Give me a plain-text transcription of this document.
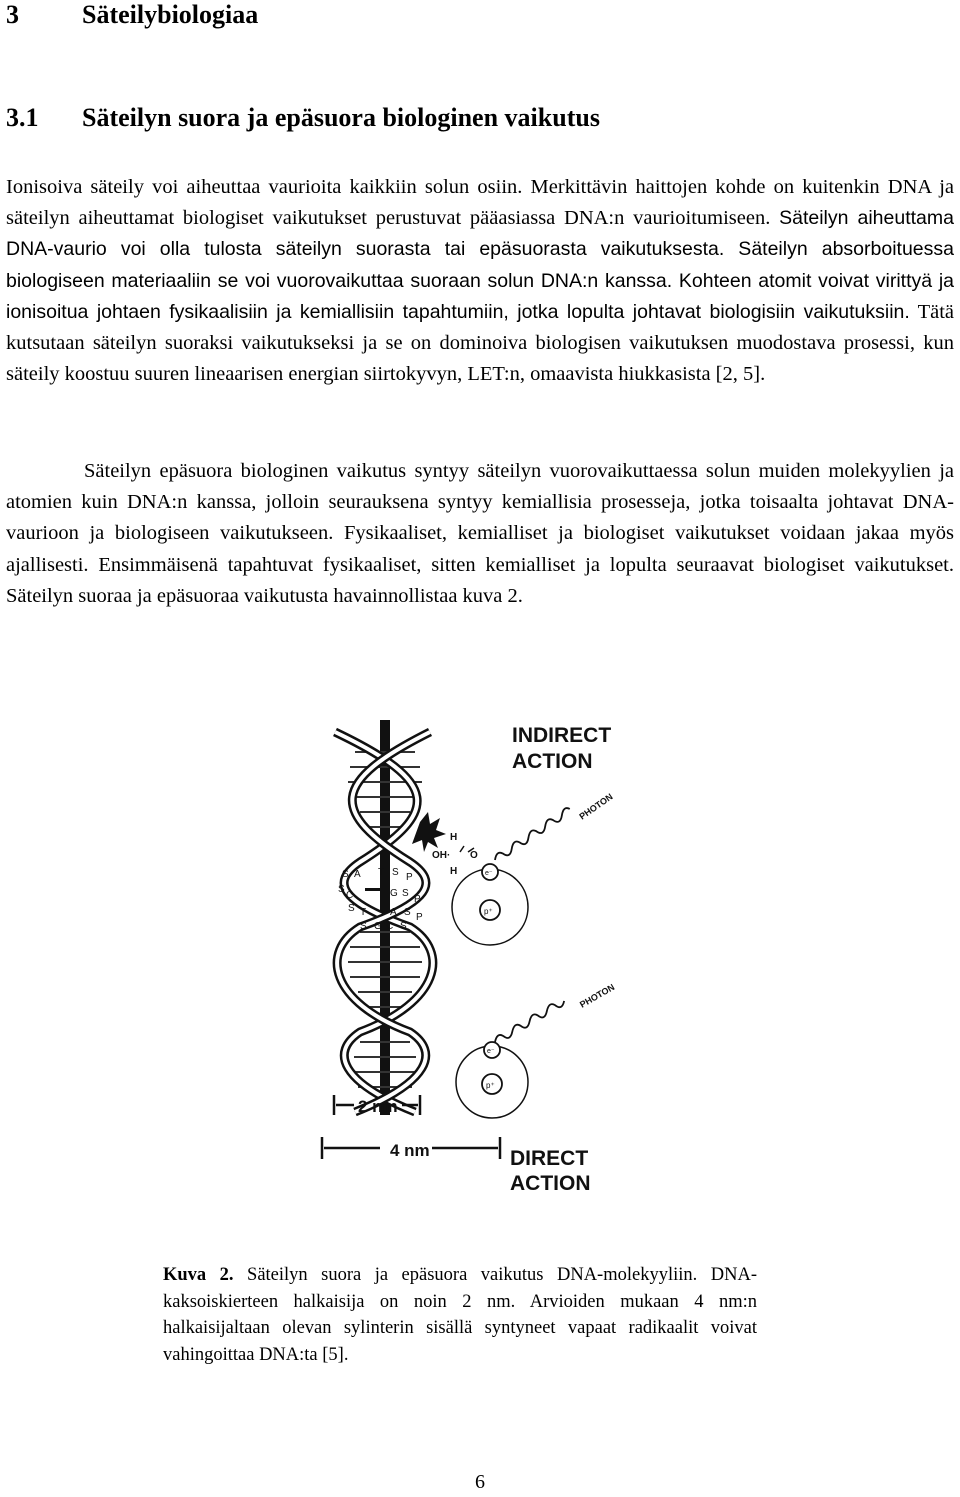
3 Säteilybiologiaa
3.1 Säteilyn suora ja epäsuora biologinen vaikutus

Ionisoiva säteily voi aiheuttaa vaurioita kaikkiin solun osiin. Merkittävin haittojen kohde on kuitenkin DNA ja säteilyn aiheuttamat biologiset vaikutukset perustuvat pääasiassa DNA:n vaurioitumiseen. Säteilyn aiheuttama DNA-vaurio voi olla tulosta säteilyn suorasta tai epäsuorasta vaikutuksesta. Säteilyn absorboituessa biologiseen materiaaliin se voi vuorovaikuttaa suoraan solun DNA:n kanssa. Kohteen atomit voivat virittyä ja ionisoitua johtaen fysikaalisiin ja kemiallisiin tapahtumiin, jotka lopulta johtavat biologisiin vaikutuksiin. Tätä kutsutaan säteilyn suoraksi vaikutukseksi ja se on dominoiva biologisen vaikutuksen muodostava prosessi, kun säteily koostuu suuren lineaarisen energian siirtokyvyn, LET:n, omaavista hiukkasista [2, 5].

Säteilyn epäsuora biologinen vaikutus syntyy säteilyn vuorovaikuttaessa solun muiden molekyylien ja atomien kuin DNA:n kanssa, jolloin seurauksena syntyy kemiallisia prosesseja, jotka toisaalta johtavat DNA-vaurioon ja biologiseen vaikutukseen. Fysikaaliset, kemialliset ja biologiset vaikutukset voidaan jakaa myös ajallisesti. Ensimmäisenä tapahtuvat fysikaaliset, sitten kemialliset ja lopulta seuraavat biologiset vaikutukset. Säteilyn suoraa ja epäsuoraa vaikutusta havainnollistaa kuva 2.

S A T S P
S
C	G S
P
S T A S P
S G C S
H
OH· O
H
INDIRECT
ACTION
PHOTON
e⁻
p⁺
PHOTON
e⁻
p⁺
2 nm
4 nm	DIRECT
ACTION

Kuva 2. Säteilyn suora ja epäsuora vaikutus DNA-molekyyliin. DNA-kaksoiskierteen halkaisija on noin 2 nm. Arvioiden mukaan 4 nm:n halkaisijaltaan olevan sylinterin sisällä syntyneet vapaat radikaalit voivat vahingoittaa DNA:ta [5].

6
